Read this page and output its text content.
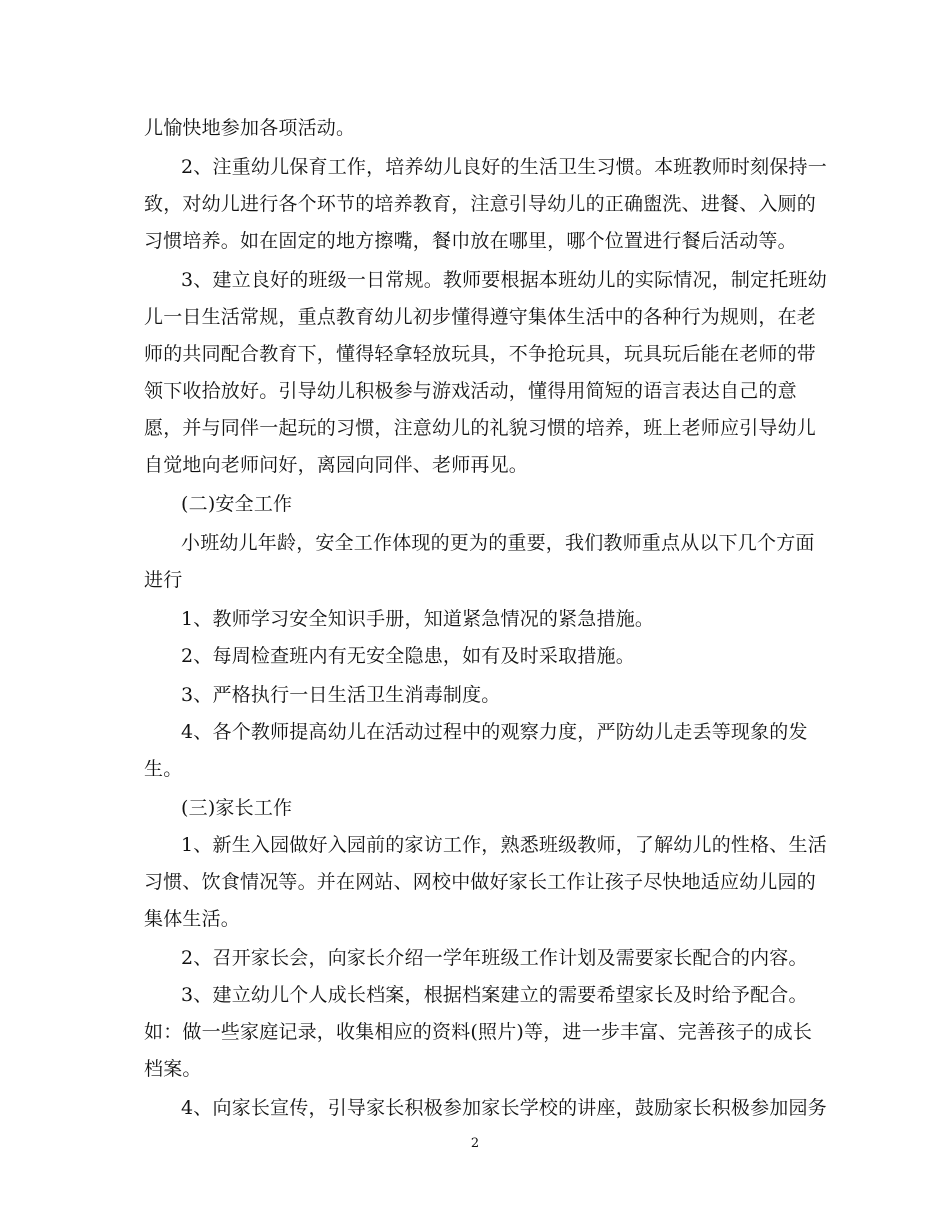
儿愉快地参加各项活动。
2、注重幼儿保育工作，培养幼儿良好的生活卫生习惯。本班教师时刻保持一
致，对幼儿进行各个环节的培养教育，注意引导幼儿的正确盥洗、进餐、入厕的
习惯培养。如在固定的地方擦嘴，餐巾放在哪里，哪个位置进行餐后活动等。
3、建立良好的班级一日常规。教师要根据本班幼儿的实际情况，制定托班幼
儿一日生活常规，重点教育幼儿初步懂得遵守集体生活中的各种行为规则，在老
师的共同配合教育下，懂得轻拿轻放玩具，不争抢玩具，玩具玩后能在老师的带
领下收拾放好。引导幼儿积极参与游戏活动，懂得用简短的语言表达自己的意
愿，并与同伴一起玩的习惯，注意幼儿的礼貌习惯的培养，班上老师应引导幼儿
自觉地向老师问好，离园向同伴、老师再见。
(二)安全工作
小班幼儿年龄，安全工作体现的更为的重要，我们教师重点从以下几个方面
进行
1、教师学习安全知识手册，知道紧急情况的紧急措施。
2、每周检查班内有无安全隐患，如有及时采取措施。
3、严格执行一日生活卫生消毒制度。
4、各个教师提高幼儿在活动过程中的观察力度，严防幼儿走丢等现象的发
生。
(三)家长工作
1、新生入园做好入园前的家访工作，熟悉班级教师，了解幼儿的性格、生活
习惯、饮食情况等。并在网站、网校中做好家长工作让孩子尽快地适应幼儿园的
集体生活。
2、召开家长会，向家长介绍一学年班级工作计划及需要家长配合的内容。
3、建立幼儿个人成长档案，根据档案建立的需要希望家长及时给予配合。
如：做一些家庭记录，收集相应的资料(照片)等，进一步丰富、完善孩子的成长
档案。
4、向家长宣传，引导家长积极参加家长学校的讲座，鼓励家长积极参加园务
2
